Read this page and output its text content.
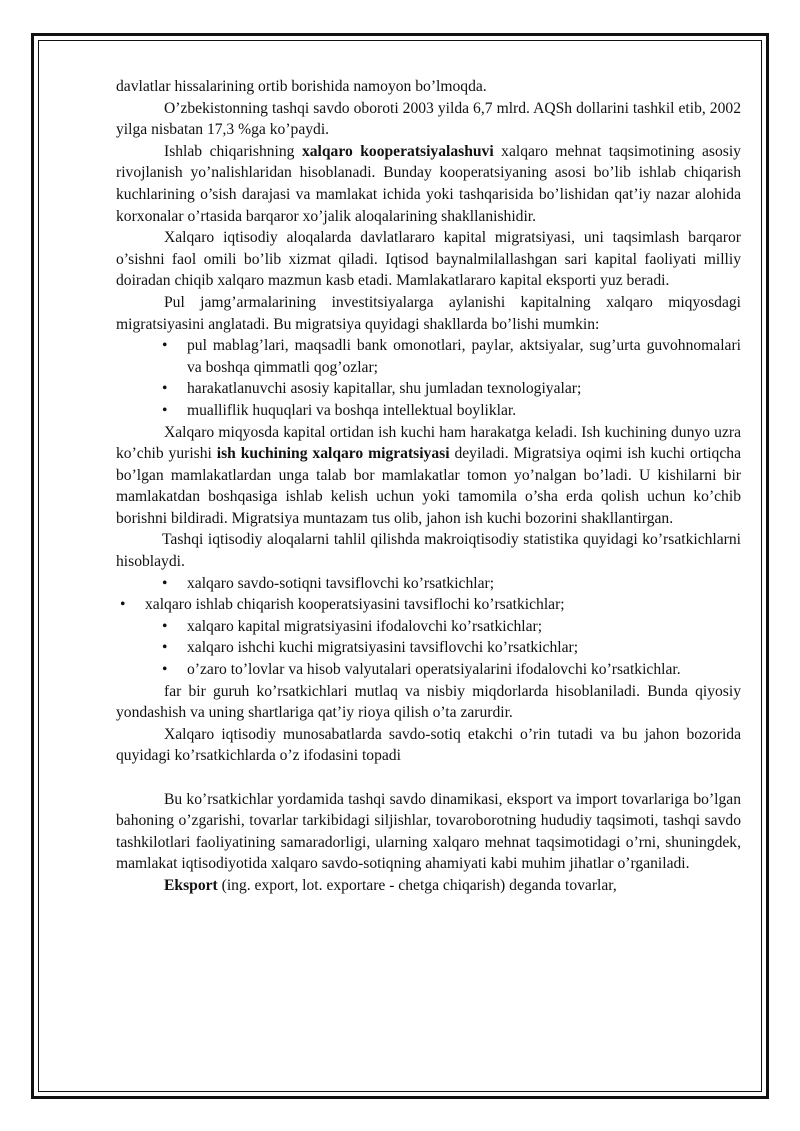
davlatlar hissalarining ortib borishida namoyon bo’lmoqda.

O’zbekistonning tashqi savdo oboroti 2003 yilda 6,7 mlrd. AQSh dollarini tashkil etib, 2002 yilga nisbatan 17,3 %ga ko’paydi.

Ishlab chiqarishning xalqaro kooperatsiyalashuvi xalqaro mehnat taqsimotining asosiy rivojlanish yo’nalishlaridan hisoblanadi. Bunday kooperatsiyaning asosi bo’lib ishlab chiqarish kuchlarining o’sish darajasi va mamlakat ichida yoki tashqarisida bo’lishidan qat’iy nazar alohida korxonalar o’rtasida barqaror xo’jalik aloqalarining shakllanishidir.

Xalqaro iqtisodiy aloqalarda davlatlararo kapital migratsiyasi, uni taqsimlash barqaror o’sishni faol omili bo’lib xizmat qiladi. Iqtisod baynalmilallashgan sari kapital faoliyati milliy doiradan chiqib xalqaro mazmun kasb etadi. Mamlakatlararo kapital eksporti yuz beradi.

Pul jamg’armalarining investitsiyalarga aylanishi kapitalning xalqaro miqyosdagi migratsiyasini anglatadi. Bu migratsiya quyidagi shakllarda bo’lishi mumkin:

• pul mablag’lari, maqsadli bank omonotlari, paylar, aktsiyalar, sug’urta guvohnomalari va boshqa qimmatli qog’ozlar;

• harakatlanuvchi asosiy kapitallar, shu jumladan texnologiyalar;

• mualliflik huquqlari va boshqa intellektual boyliklar.

Xalqaro miqyosda kapital ortidan ish kuchi ham harakatga keladi. Ish kuchining dunyo uzra ko’chib yurishi ish kuchining xalqaro migratsiyasi deyiladi. Migratsiya oqimi ish kuchi ortiqcha bo’lgan mamlakatlardan unga talab bor mamlakatlar tomon yo’nalgan bo’ladi. U kishilarni bir mamlakatdan boshqasiga ishlab kelish uchun yoki tamomila o’sha erda qolish uchun ko’chib borishni bildiradi. Migratsiya muntazam tus olib, jahon ish kuchi bozorini shakllantirgan.

Tashqi iqtisodiy aloqalarni tahlil qilishda makroiqtisodiy statistika quyidagi ko’rsatkichlarni hisoblaydi.

• xalqaro savdo-sotiqni tavsiflovchi ko’rsatkichlar;

• xalqaro ishlab chiqarish kooperatsiyasini tavsiflochi ko’rsatkichlar;

• xalqaro kapital migratsiyasini ifodalovchi ko’rsatkichlar;

• xalqaro ishchi kuchi migratsiyasini tavsiflovchi ko’rsatkichlar;

• o’zaro to’lovlar va hisob valyutalari operatsiyalarini ifodalovchi ko’rsatkichlar.

far bir guruh ko’rsatkichlari mutlaq va nisbiy miqdorlarda hisoblaniladi. Bunda qiyosiy yondashish va uning shartlariga qat’iy rioya qilish o’ta zarurdir.

Xalqaro iqtisodiy munosabatlarda savdo-sotiq etakchi o’rin tutadi va bu jahon bozorida quyidagi ko’rsatkichlarda o’z ifodasini topadi

Bu ko’rsatkichlar yordamida tashqi savdo dinamikasi, eksport va import tovarlariga bo’lgan bahoning o’zgarishi, tovarlar tarkibidagi siljishlar, tovaroborotning hududiy taqsimoti, tashqi savdo tashkilotlari faoliyatining samaradorligi, ularning xalqaro mehnat taqsimotidagi o’rni, shuningdek, mamlakat iqtisodiyotida xalqaro savdo-sotiqning ahamiyati kabi muhim jihatlar o’rganiladi.

Eksport (ing. export, lot. exportare - chetga chiqarish) deganda tovarlar,
